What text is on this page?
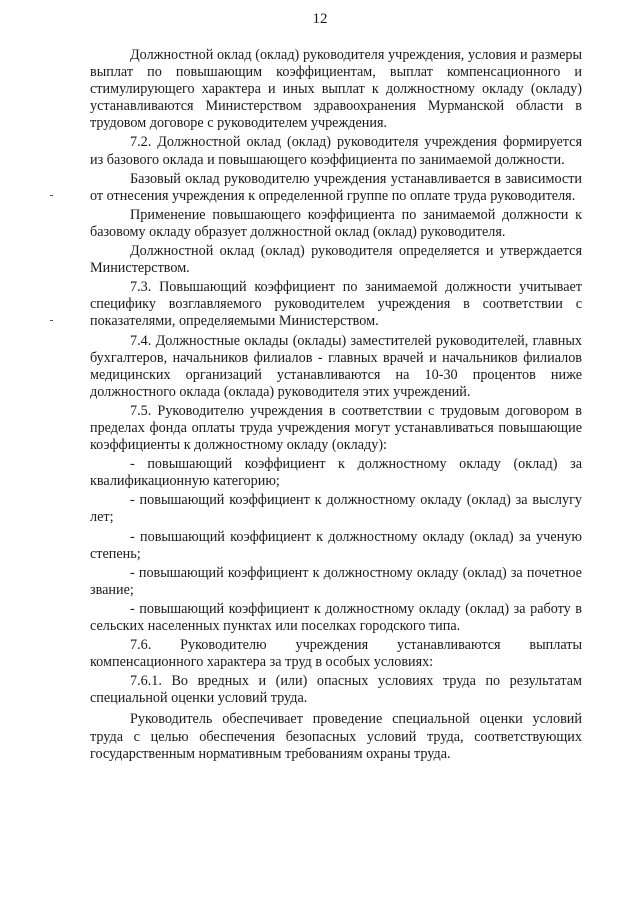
12

Должностной оклад (оклад) руководителя учреждения, условия и размеры выплат по повышающим коэффициентам, выплат компенсационного и стимулирующего характера и иных выплат к должностному окладу (окладу) устанавливаются Министерством здравоохранения Мурманской области в трудовом договоре с руководителем учреждения.

7.2. Должностной оклад (оклад) руководителя учреждения формируется из базового оклада и повышающего коэффициента по занимаемой должности.

Базовый оклад руководителю учреждения устанавливается в зависимости от отнесения учреждения к определенной группе по оплате труда руководителя.

Применение повышающего коэффициента по занимаемой должности к базовому окладу образует должностной оклад (оклад) руководителя.

Должностной оклад (оклад) руководителя определяется и утверждается Министерством.

7.3. Повышающий коэффициент по занимаемой должности учитывает специфику возглавляемого руководителем учреждения в соответствии с показателями, определяемыми Министерством.

7.4. Должностные оклады (оклады) заместителей руководителей, главных бухгалтеров, начальников филиалов - главных врачей и начальников филиалов медицинских организаций устанавливаются на 10-30 процентов ниже должностного оклада (оклада) руководителя этих учреждений.

7.5. Руководителю учреждения в соответствии с трудовым договором в пределах фонда оплаты труда учреждения могут устанавливаться повышающие коэффициенты к должностному окладу (окладу):

- повышающий коэффициент к должностному окладу (оклад) за квалификационную категорию;

- повышающий коэффициент к должностному окладу (оклад) за выслугу лет;

- повышающий коэффициент к должностному окладу (оклад) за ученую степень;

- повышающий коэффициент к должностному окладу (оклад) за почетное звание;

- повышающий коэффициент к должностному окладу (оклад) за работу в сельских населенных пунктах или поселках городского типа.

7.6. Руководителю учреждения устанавливаются выплаты компенсационного характера за труд в особых условиях:

7.6.1. Во вредных и (или) опасных условиях труда по результатам специальной оценки условий труда.

Руководитель обеспечивает проведение специальной оценки условий труда с целью обеспечения безопасных условий труда, соответствующих государственным нормативным требованиям охраны труда.
